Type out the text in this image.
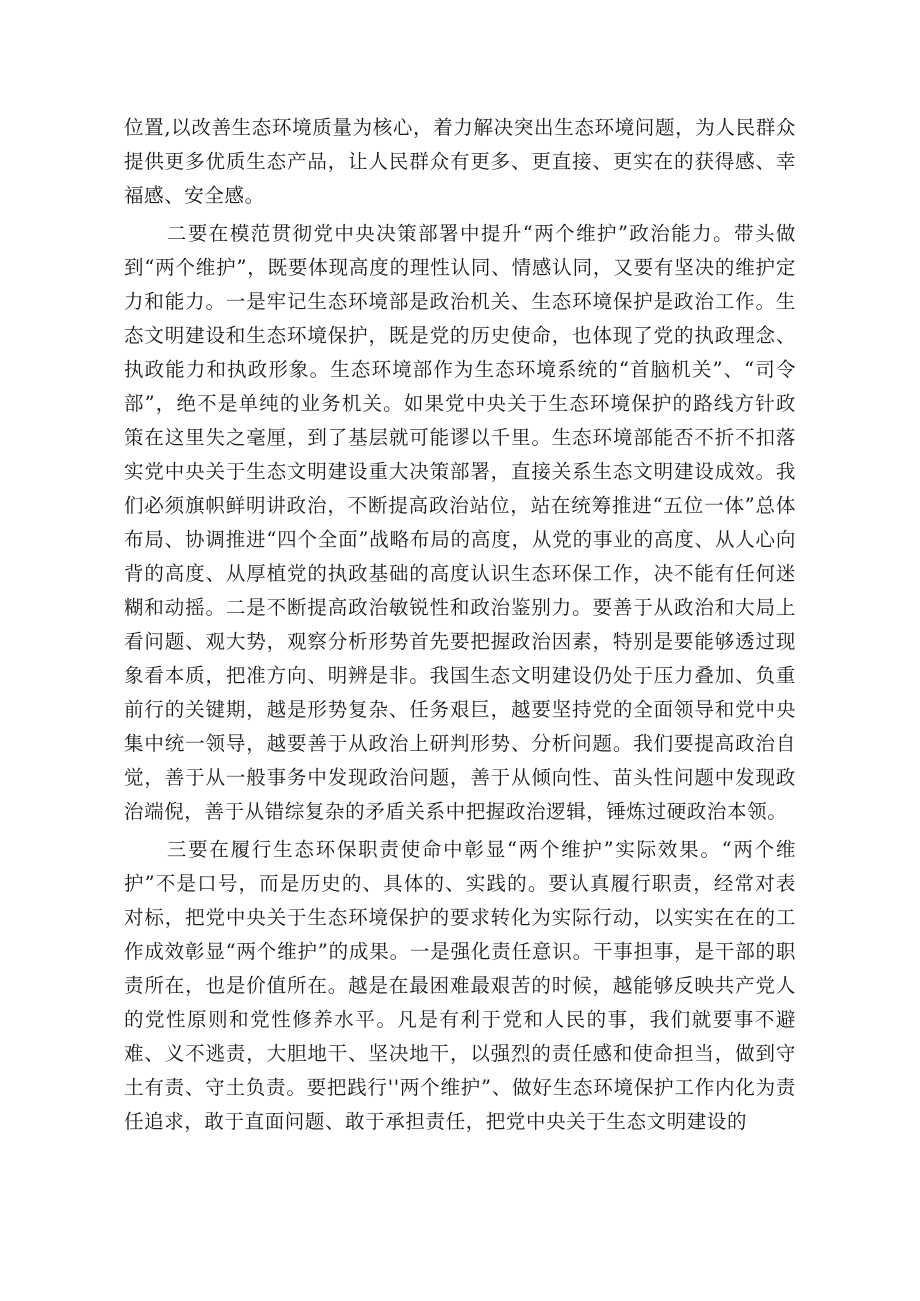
位置,以改善生态环境质量为核心，着力解决突出生态环境问题，为人民群众提供更多优质生态产品，让人民群众有更多、更直接、更实在的获得感、幸福感、安全感。

二要在模范贯彻党中央决策部署中提升“两个维护”政治能力。带头做到“两个维护”，既要体现高度的理性认同、情感认同，又要有坚决的维护定力和能力。一是牢记生态环境部是政治机关、生态环境保护是政治工作。生态文明建设和生态环境保护，既是党的历史使命，也体现了党的执政理念、执政能力和执政形象。生态环境部作为生态环境系统的“首脑机关”、“司令部”，绝不是单纯的业务机关。如果党中央关于生态环境保护的路线方针政策在这里失之毫厘，到了基层就可能谬以千里。生态环境部能否不折不扣落实党中央关于生态文明建设重大决策部署，直接关系生态文明建设成效。我们必须旗帜鲜明讲政治，不断提高政治站位，站在统筹推进“五位一体”总体布局、协调推进“四个全面”战略布局的高度，从党的事业的高度、从人心向背的高度、从厚植党的执政基础的高度认识生态环保工作，决不能有任何迷糊和动摇。二是不断提高政治敏锐性和政治鉴别力。要善于从政治和大局上看问题、观大势，观察分析形势首先要把握政治因素，特别是要能够透过现象看本质，把准方向、明辨是非。我国生态文明建设仍处于压力叠加、负重前行的关键期，越是形势复杂、任务艰巨，越要坚持党的全面领导和党中央集中统一领导，越要善于从政治上研判形势、分析问题。我们要提高政治自觉，善于从一般事务中发现政治问题，善于从倾向性、苗头性问题中发现政治端倪，善于从错综复杂的矛盾关系中把握政治逻辑，锤炼过硬政治本领。

三要在履行生态环保职责使命中彰显“两个维护”实际效果。“两个维护”不是口号，而是历史的、具体的、实践的。要认真履行职责，经常对表对标，把党中央关于生态环境保护的要求转化为实际行动，以实实在在的工作成效彰显“两个维护”的成果。一是强化责任意识。干事担事，是干部的职责所在，也是价值所在。越是在最困难最艰苦的时候，越能够反映共产党人的党性原则和党性修养水平。凡是有利于党和人民的事，我们就要事不避难、义不逃责，大胆地干、坚决地干，以强烈的责任感和使命担当，做到守土有责、守土负责。要把践行''两个维护”、做好生态环境保护工作内化为责任追求，敢于直面问题、敢于承担责任，把党中央关于生态文明建设的
